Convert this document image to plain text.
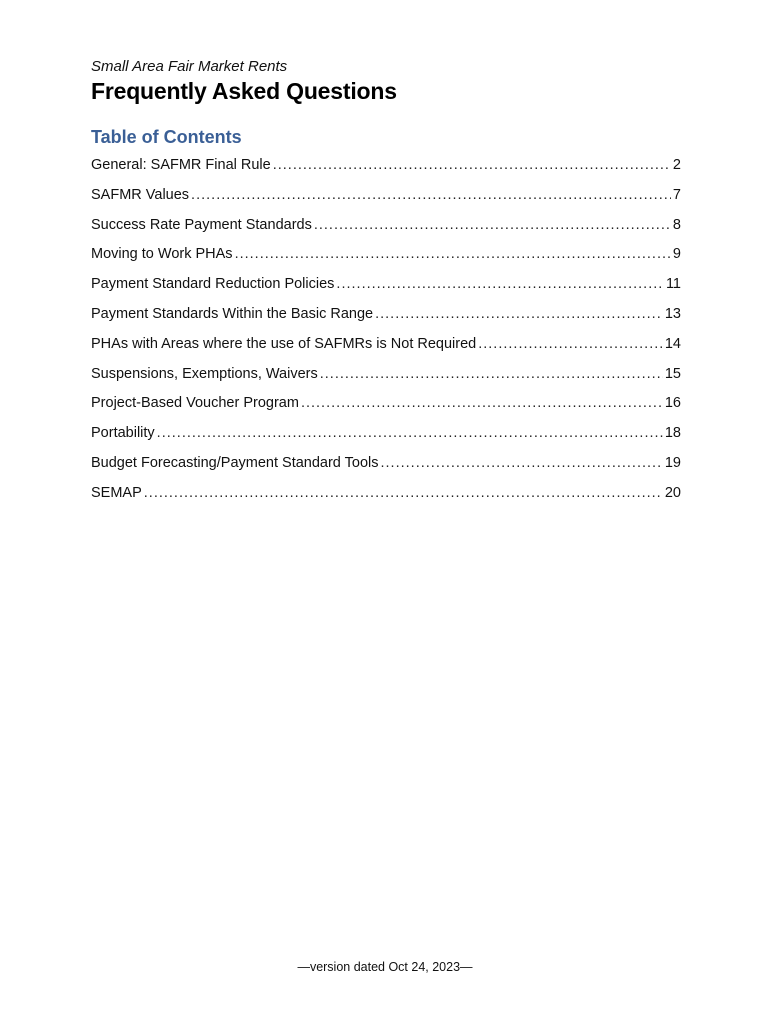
Small Area Fair Market Rents
Frequently Asked Questions
Table of Contents
General: SAFMR Final Rule .....	2
SAFMR Values .....	7
Success Rate Payment Standards .....	8
Moving to Work PHAs .....	9
Payment Standard Reduction Policies .....	11
Payment Standards Within the Basic Range .....	13
PHAs with Areas where the use of SAFMRs is Not Required .....	14
Suspensions, Exemptions, Waivers .....	15
Project-Based Voucher Program .....	16
Portability .....	18
Budget Forecasting/Payment Standard Tools .....	19
SEMAP .....	20
—version dated Oct 24, 2023—
